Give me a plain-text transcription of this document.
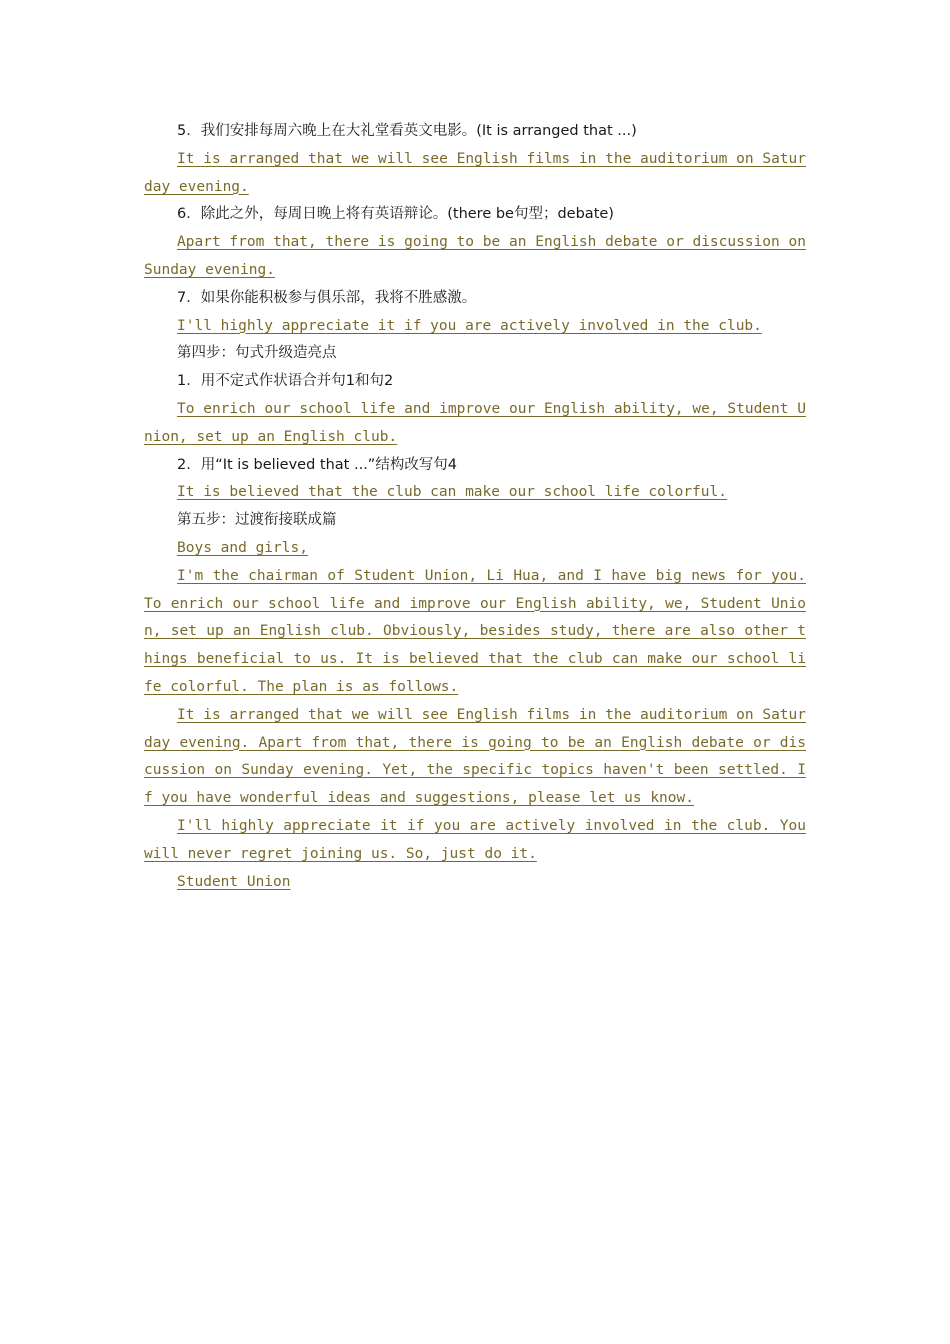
5．我们安排每周六晚上在大礼堂看英文电影。(It is arranged that ...)

It is arranged that we will see English films in the auditorium on Saturday evening.

6．除此之外，每周日晚上将有英语辩论。(there be句型；debate)

Apart from that, there is going to be an English debate or discussion on Sunday evening.

7．如果你能积极参与俱乐部，我将不胜感激。

I'll highly appreciate it if you are actively involved in the club.

第四步：句式升级造亮点

1．用不定式作状语合并句1和句2

To enrich our school life and improve our English ability, we, Student Union, set up an English club.

2．用“It is believed that ...”结构改写句4

It is believed that the club can make our school life colorful.

第五步：过渡衔接联成篇

Boys and girls,

I'm the chairman of Student Union, Li Hua, and I have big news for you. To enrich our school life and improve our English ability, we, Student Union, set up an English club. Obviously, besides study, there are also other things beneficial to us. It is believed that the club can make our school life colorful. The plan is as follows.

It is arranged that we will see English films in the auditorium on Saturday evening. Apart from that, there is going to be an English debate or discussion on Sunday evening. Yet, the specific topics haven't been settled. If you have wonderful ideas and suggestions, please let us know.

I'll highly appreciate it if you are actively involved in the club. You will never regret joining us. So, just do it.

Student Union
